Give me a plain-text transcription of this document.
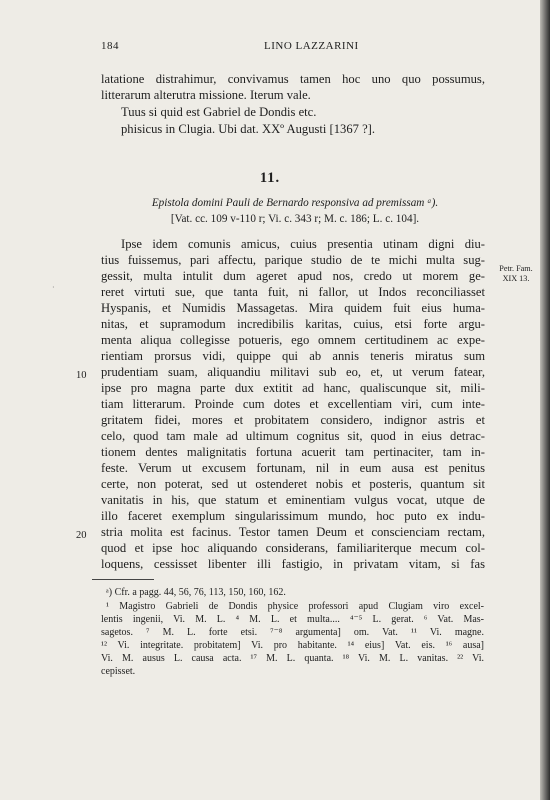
184	LINO LAZZARINI
latatione distrahimur, convivamus tamen hoc uno quo possumus,
litterarum alterutra missione. Iterum vale.
Tuus si quid est Gabriel de Dondis etc.
phisicus in Clugia. Ubi dat. XXº Augusti [1367 ?].
11.
Epistola domini Pauli de Bernardo responsiva ad premissam ᵃ).
[Vat. cc. 109 v-110 r; Vi. c. 343 r; M. c. 186; L. c. 104].
Ipse idem comunis amicus, cuius presentia utinam digni diu-
tius fuissemus, pari affectu, parique studio de te michi multa sug-
gessit, multa intulit dum ageret apud nos, credo ut morem ge-
reret virtuti sue, que tanta fuit, ni fallor, ut Indos reconciliasset
Hyspanis, et Numidis Massagetas. Mira quidem fuit eius huma-
nitas, et supramodum incredibilis karitas, cuius, etsi forte argu-
menta aliqua collegisse potueris, ego omnem certitudinem ac expe-
rientiam prorsus vidi, quippe qui ab annis teneris miratus sum
prudentiam suam, aliquandiu militavi sub eo, et, ut verum fatear,
ipse pro magna parte dux extitit ad hanc, qualiscunque sit, mili-
tiam litterarum. Proinde cum dotes et excellentiam viri, cum inte-
gritatem fidei, mores et probitatem considero, indignor astris et
celo, quod tam male ad ultimum cognitus sit, quod in eius detrac-
tionem dentes malignitatis fortuna acuerit tam pertinaciter, tam in-
feste. Verum ut excusem fortunam, nil in eum ausa est penitus
certe, non poterat, sed ut ostenderet nobis et posteris, quantum sit
vanitatis in his, que statum et eminentiam vulgus vocat, utque de
illo faceret exemplum singularissimum mundo, hoc puto ex indu-
stria molita est facinus. Testor tamen Deum et conscienciam rectam,
quod et ipse hoc aliquando considerans, familiariterque mecum col-
loquens, cessisset libenter illi fastigio, in privatam vitam, si fas
·
10
20
Petr. Fam.
XIX 13.
ᵃ) Cfr. a pagg. 44, 56, 76, 113, 150, 160, 162.
¹ Magistro Gabrieli de Dondis physice professori apud Clugiam viro excel-
lentis ingenii, Vi. M. L. ⁴ M. L. et multa.... ⁴⁻⁵ L. gerat. ⁶ Vat. Mas-
sagetos. ⁷ M. L. forte etsi. ⁷⁻⁸ argumenta] om. Vat. ¹¹ Vi. magne.
¹² Vi. integritate. probitatem] Vi. pro habitante. ¹⁴ eius] Vat. eis. ¹⁶ ausa]
Vi. M. ausus L. causa acta. ¹⁷ M. L. quanta. ¹⁸ Vi. M. L. vanitas. ²² Vi.
cepisset.
